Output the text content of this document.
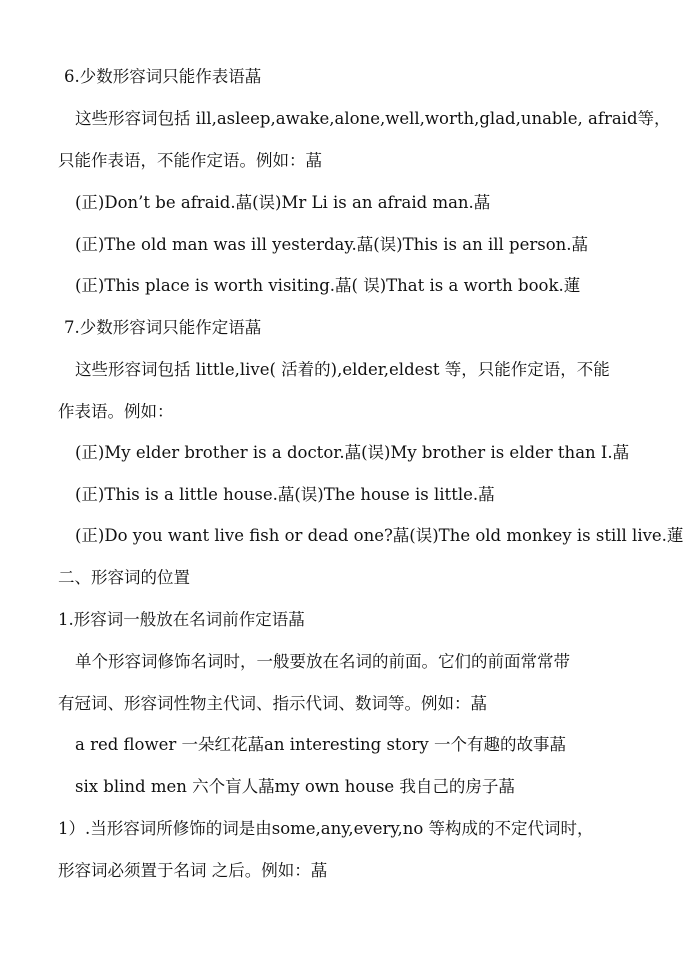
6.少数形容词只能作表语蕌
这些形容词包括 ill,asleep,awake,alone,well,worth,glad,unable, afraid等，
只能作表语，不能作定语。例如：蕌
(正)Don’t be afraid.蕌(误)Mr Li is an afraid man.蕌
(正)The old man was ill yesterday.蕌(误)This is an ill person.蕌
(正)This place is worth visiting.蕌( 误)That is a worth book.蓮
7.少数形容词只能作定语蕌
这些形容词包括 little,live( 活着的),elder,eldest 等，只能作定语，不能
作表语。例如：
(正)My elder brother is a doctor.蕌(误)My brother is elder than I.蕌
(正)This is a little house.蕌(误)The house is little.蕌
(正)Do you want live fish or dead one?蕌(误)The old monkey is still live.蓮
二、形容词的位置
1.形容词一般放在名词前作定语蕌
单个形容词修饰名词时，一般要放在名词的前面。它们的前面常常带
有冠词、形容词性物主代词、指示代词、数词等。例如：蕌
a red flower 一朵红花蕌an interesting story 一个有趣的故事蕌
six blind men 六个盲人蕌my own house 我自己的房子蕌
1）.当形容词所修饰的词是由some,any,every,no 等构成的不定代词时，
形容词必须置于名词 之后。例如：蕌
